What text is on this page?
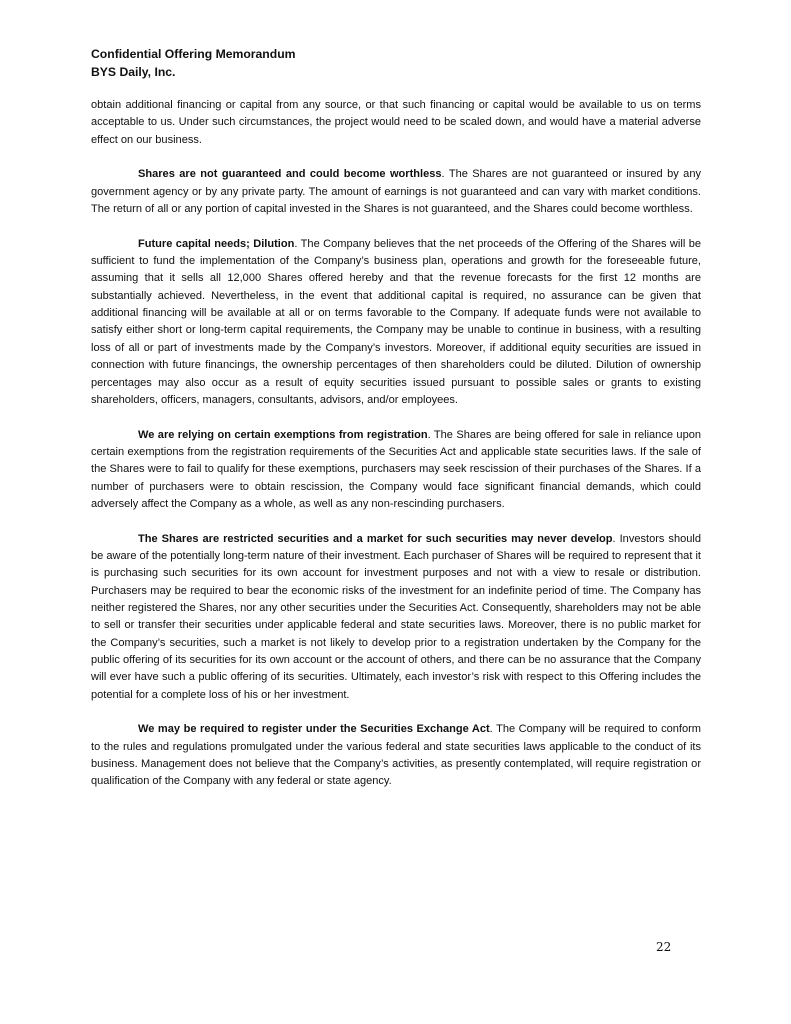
Confidential Offering Memorandum
BYS Daily, Inc.

obtain additional financing or capital from any source, or that such financing or capital would be available to us on terms acceptable to us. Under such circumstances, the project would need to be scaled down, and would have a material adverse effect on our business.

Shares are not guaranteed and could become worthless. The Shares are not guaranteed or insured by any government agency or by any private party. The amount of earnings is not guaranteed and can vary with market conditions. The return of all or any portion of capital invested in the Shares is not guaranteed, and the Shares could become worthless.

Future capital needs; Dilution. The Company believes that the net proceeds of the Offering of the Shares will be sufficient to fund the implementation of the Company’s business plan, operations and growth for the foreseeable future, assuming that it sells all 12,000 Shares offered hereby and that the revenue forecasts for the first 12 months are substantially achieved. Nevertheless, in the event that additional capital is required, no assurance can be given that additional financing will be available at all or on terms favorable to the Company. If adequate funds were not available to satisfy either short or long-term capital requirements, the Company may be unable to continue in business, with a resulting loss of all or part of investments made by the Company’s investors. Moreover, if additional equity securities are issued in connection with future financings, the ownership percentages of then shareholders could be diluted. Dilution of ownership percentages may also occur as a result of equity securities issued pursuant to possible sales or grants to existing shareholders, officers, managers, consultants, advisors, and/or employees.

We are relying on certain exemptions from registration. The Shares are being offered for sale in reliance upon certain exemptions from the registration requirements of the Securities Act and applicable state securities laws. If the sale of the Shares were to fail to qualify for these exemptions, purchasers may seek rescission of their purchases of the Shares. If a number of purchasers were to obtain rescission, the Company would face significant financial demands, which could adversely affect the Company as a whole, as well as any non-rescinding purchasers.

The Shares are restricted securities and a market for such securities may never develop. Investors should be aware of the potentially long-term nature of their investment. Each purchaser of Shares will be required to represent that it is purchasing such securities for its own account for investment purposes and not with a view to resale or distribution. Purchasers may be required to bear the economic risks of the investment for an indefinite period of time. The Company has neither registered the Shares, nor any other securities under the Securities Act. Consequently, shareholders may not be able to sell or transfer their securities under applicable federal and state securities laws. Moreover, there is no public market for the Company’s securities, such a market is not likely to develop prior to a registration undertaken by the Company for the public offering of its securities for its own account or the account of others, and there can be no assurance that the Company will ever have such a public offering of its securities. Ultimately, each investor’s risk with respect to this Offering includes the potential for a complete loss of his or her investment.

We may be required to register under the Securities Exchange Act. The Company will be required to conform to the rules and regulations promulgated under the various federal and state securities laws applicable to the conduct of its business. Management does not believe that the Company’s activities, as presently contemplated, will require registration or qualification of the Company with any federal or state agency.

22
